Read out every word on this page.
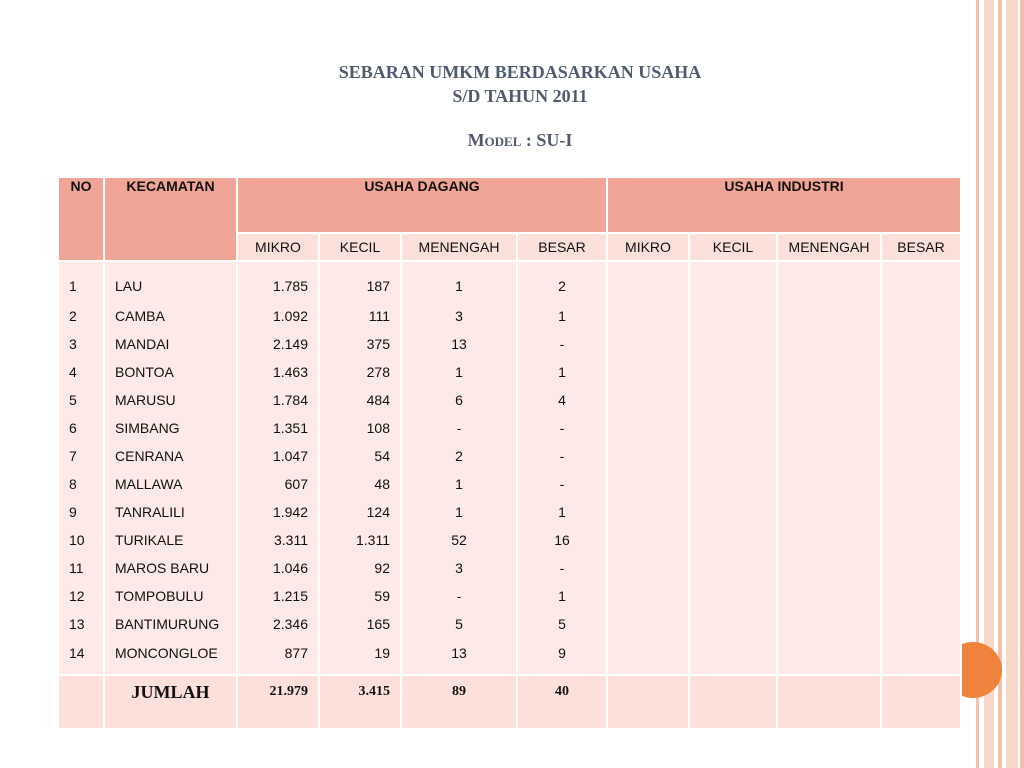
SEBARAN UMKM BERDASARKAN USAHA
S/D TAHUN 2011
Model : SU-I
NO	KECAMATAN	USAHA DAGANG				USAHA INDUSTRI			
		MIKRO	KECIL	MENENGAH	BESAR	MIKRO	KECIL	MENENGAH	BESAR
1	LAU	1.785	187	1	2				
2	CAMBA	1.092	111	3	1				
3	MANDAI	2.149	375	13	-				
4	BONTOA	1.463	278	1	1				
5	MARUSU	1.784	484	6	4				
6	SIMBANG	1.351	108	-	-				
7	CENRANA	1.047	54	2	-				
8	MALLAWA	607	48	1	-				
9	TANRALILI	1.942	124	1	1				
10	TURIKALE	3.311	1.311	52	16				
11	MAROS BARU	1.046	92	3	-				
12	TOMPOBULU	1.215	59	-	1				
13	BANTIMURUNG	2.346	165	5	5				
14	MONCONGLOE	877	19	13	9				
	JUMLAH	21.979	3.415	89	40				
